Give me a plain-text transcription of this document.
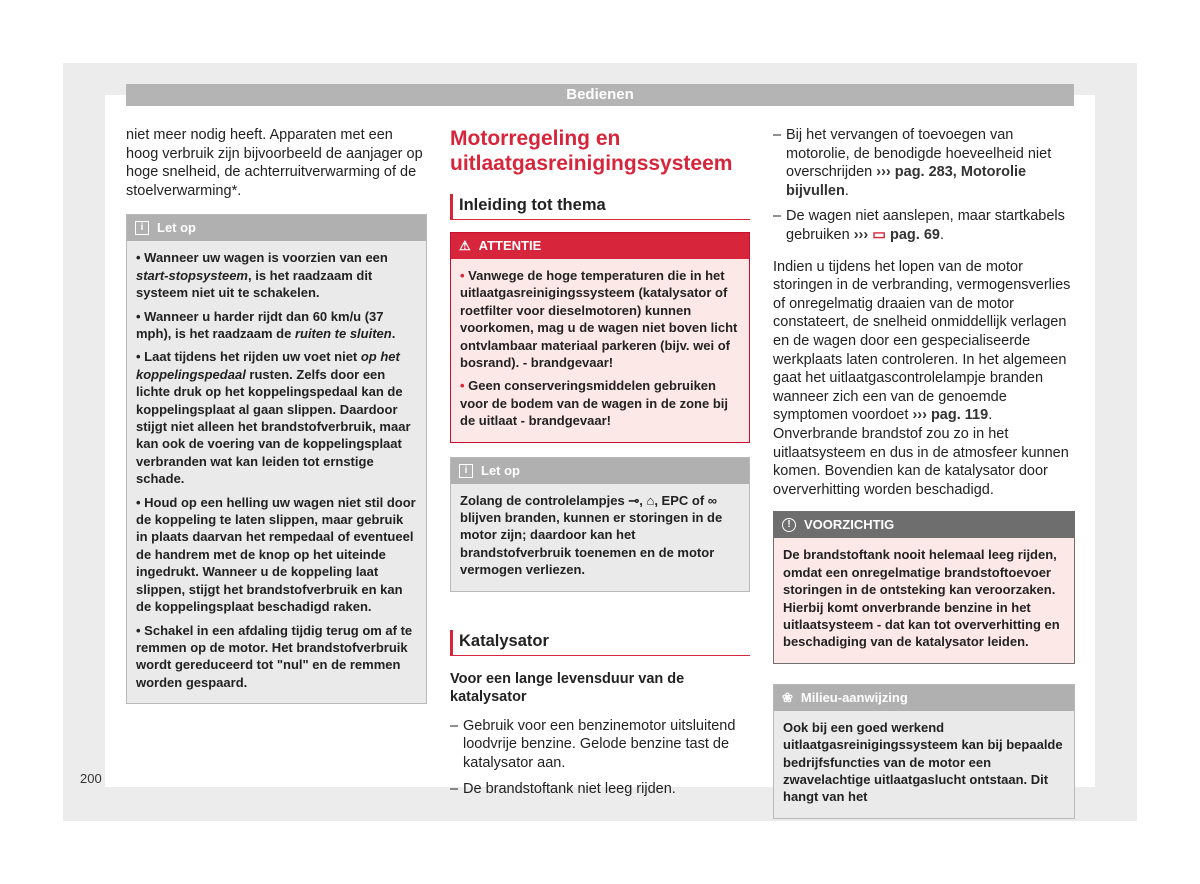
Bedienen
200

niet meer nodig heeft. Apparaten met een hoog verbruik zijn bijvoorbeeld de aanjager op hoge snelheid, de achterruitverwarming of de stoelverwarming*.

i	Let op

• Wanneer uw wagen is voorzien van een start-stopsysteem, is het raadzaam dit systeem niet uit te schakelen.

• Wanneer u harder rijdt dan 60 km/u (37 mph), is het raadzaam de ruiten te sluiten.

• Laat tijdens het rijden uw voet niet op het koppelingspedaal rusten. Zelfs door een lichte druk op het koppelingspedaal kan de koppelingsplaat al gaan slippen. Daardoor stijgt niet alleen het brandstofverbruik, maar kan ook de voering van de koppelingsplaat verbranden wat kan leiden tot ernstige schade.

• Houd op een helling uw wagen niet stil door de koppeling te laten slippen, maar gebruik in plaats daarvan het rempedaal of eventueel de handrem met de knop op het uiteinde ingedrukt. Wanneer u de koppeling laat slippen, stijgt het brandstofverbruik en kan de koppelingsplaat beschadigd raken.

• Schakel in een afdaling tijdig terug om af te remmen op de motor. Het brandstofverbruik wordt gereduceerd tot "nul" en de remmen worden gespaard.

Motorregeling en uitlaatgasreinigingssysteem
Inleiding tot thema
⚠ ATTENTIE

• Vanwege de hoge temperaturen die in het uitlaatgasreinigingssysteem (katalysator of roetfilter voor dieselmotoren) kunnen voorkomen, mag u de wagen niet boven licht ontvlambaar materiaal parkeren (bijv. wei of bosrand). - brandgevaar!

• Geen conserveringsmiddelen gebruiken voor de bodem van de wagen in de zone bij de uitlaat - brandgevaar!

i	Let op

Zolang de controlelampjes ⊸, ⌂, EPC of ∞ blijven branden, kunnen er storingen in de motor zijn; daardoor kan het brandstofverbruik toenemen en de motor vermogen verliezen.

Katalysator

Voor een lange levensduur van de katalysator

– Gebruik voor een benzinemotor uitsluitend loodvrije benzine. Gelode benzine tast de katalysator aan.
– De brandstoftank niet leeg rijden.
– Bij het vervangen of toevoegen van motorolie, de benodigde hoeveelheid niet overschrijden ››› pag. 283, Motorolie bijvullen.
– De wagen niet aanslepen, maar startkabels gebruiken ››› ▭ pag. 69.

Indien u tijdens het lopen van de motor storingen in de verbranding, vermogensverlies of onregelmatig draaien van de motor constateert, de snelheid onmiddellijk verlagen en de wagen door een gespecialiseerde werkplaats laten controleren. In het algemeen gaat het uitlaatgascontrolelampje branden wanneer zich een van de genoemde symptomen voordoet ››› pag. 119. Onverbrande brandstof zou zo in het uitlaatsysteem en dus in de atmosfeer kunnen komen. Bovendien kan de katalysator door oververhitting worden beschadigd.

!	VOORZICHTIG

De brandstoftank nooit helemaal leeg rijden, omdat een onregelmatige brandstoftoevoer storingen in de ontsteking kan veroorzaken. Hierbij komt onverbrande benzine in het uitlaatsysteem - dat kan tot oververhitting en beschadiging van de katalysator leiden.

❀ Milieu-aanwijzing

Ook bij een goed werkend uitlaatgasreinigingssysteem kan bij bepaalde bedrijfsfuncties van de motor een zwavelachtige uitlaatgaslucht ontstaan. Dit hangt van het
